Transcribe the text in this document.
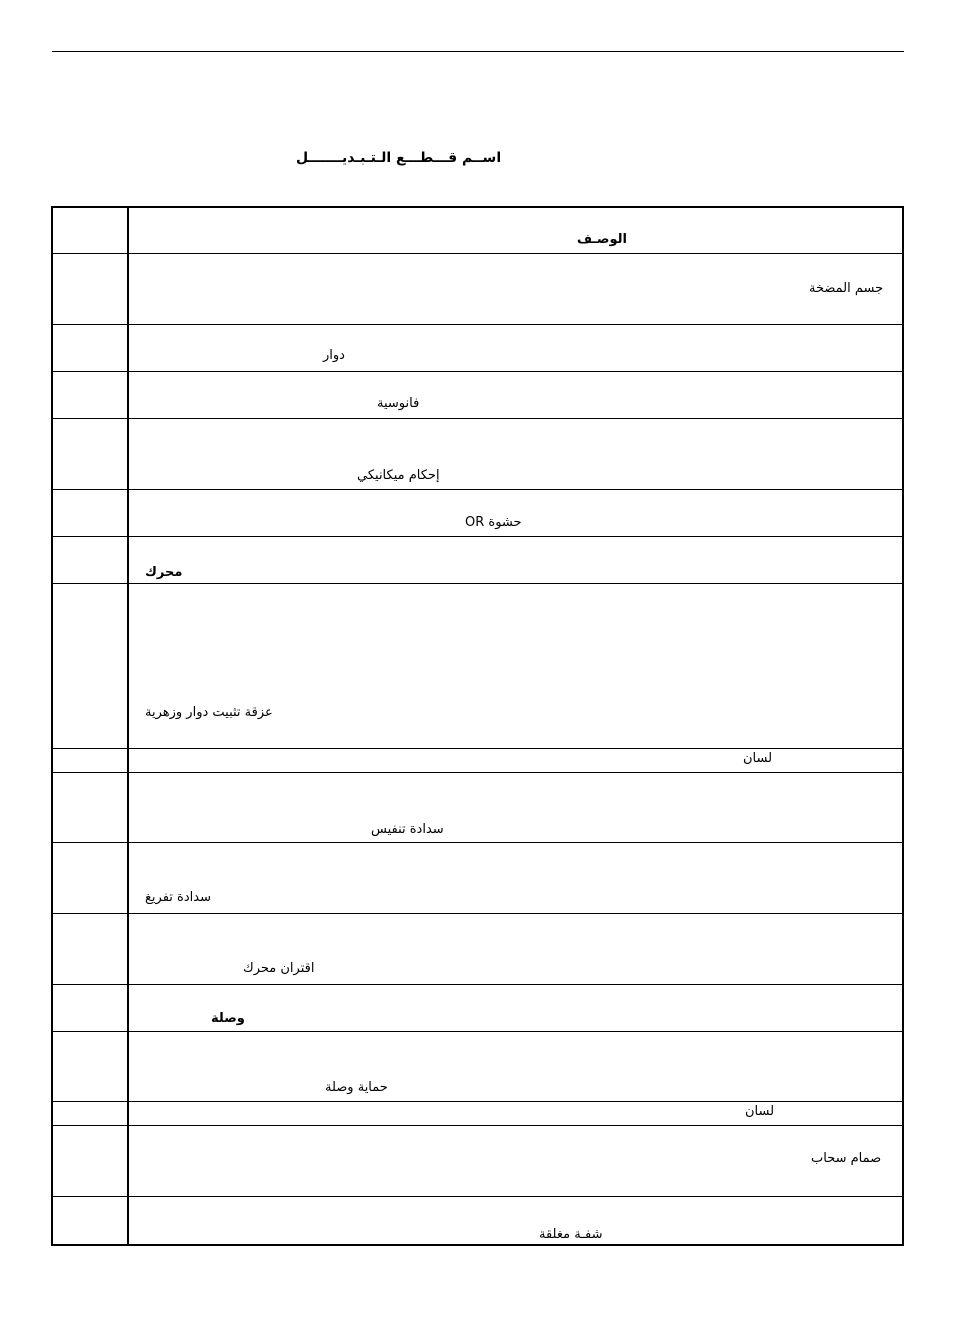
اســم قـــطـــع الـتـبـديـــــــل
الوصـف
جسم المضخة
دوار
فانوسية
إحكام ميكانيكي
حشوة OR
محرك
عزقة تثبيت دوار وزهرية
لسان
سدادة تنفيس
سدادة تفريغ
اقتران محرك
وصلة
حماية وصلة
لسان
صمام سحاب
شفـة مغلقة
